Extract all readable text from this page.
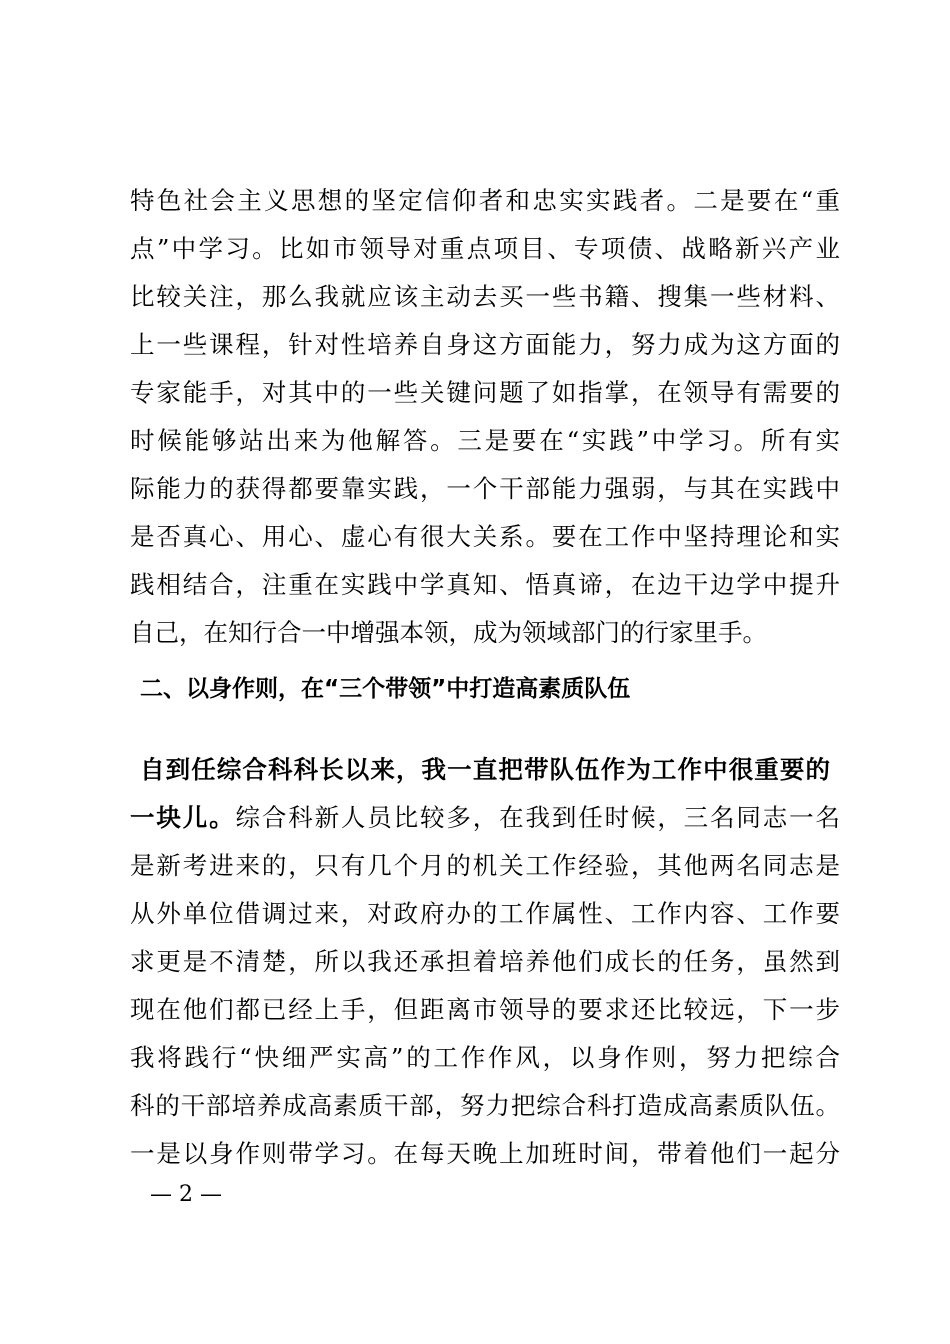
特色社会主义思想的坚定信仰者和忠实实践者。二是要在“重
点”中学习。比如市领导对重点项目、专项债、战略新兴产业
比较关注，那么我就应该主动去买一些书籍、搜集一些材料、
上一些课程，针对性培养自身这方面能力，努力成为这方面的
专家能手，对其中的一些关键问题了如指掌，在领导有需要的
时候能够站出来为他解答。三是要在“实践”中学习。所有实
际能力的获得都要靠实践，一个干部能力强弱，与其在实践中
是否真心、用心、虚心有很大关系。要在工作中坚持理论和实
践相结合，注重在实践中学真知、悟真谛，在边干边学中提升
自己，在知行合一中增强本领，成为领域部门的行家里手。
二、以身作则，在“三个带领”中打造高素质队伍
自到任综合科科长以来，我一直把带队伍作为工作中很重要的
一块儿。综合科新人员比较多，在我到任时候，三名同志一名
是新考进来的，只有几个月的机关工作经验，其他两名同志是
从外单位借调过来，对政府办的工作属性、工作内容、工作要
求更是不清楚，所以我还承担着培养他们成长的任务，虽然到
现在他们都已经上手，但距离市领导的要求还比较远，下一步
我将践行“快细严实高”的工作作风，以身作则，努力把综合
科的干部培养成高素质干部，努力把综合科打造成高素质队伍。
一是以身作则带学习。在每天晚上加班时间，带着他们一起分
— 2 —
